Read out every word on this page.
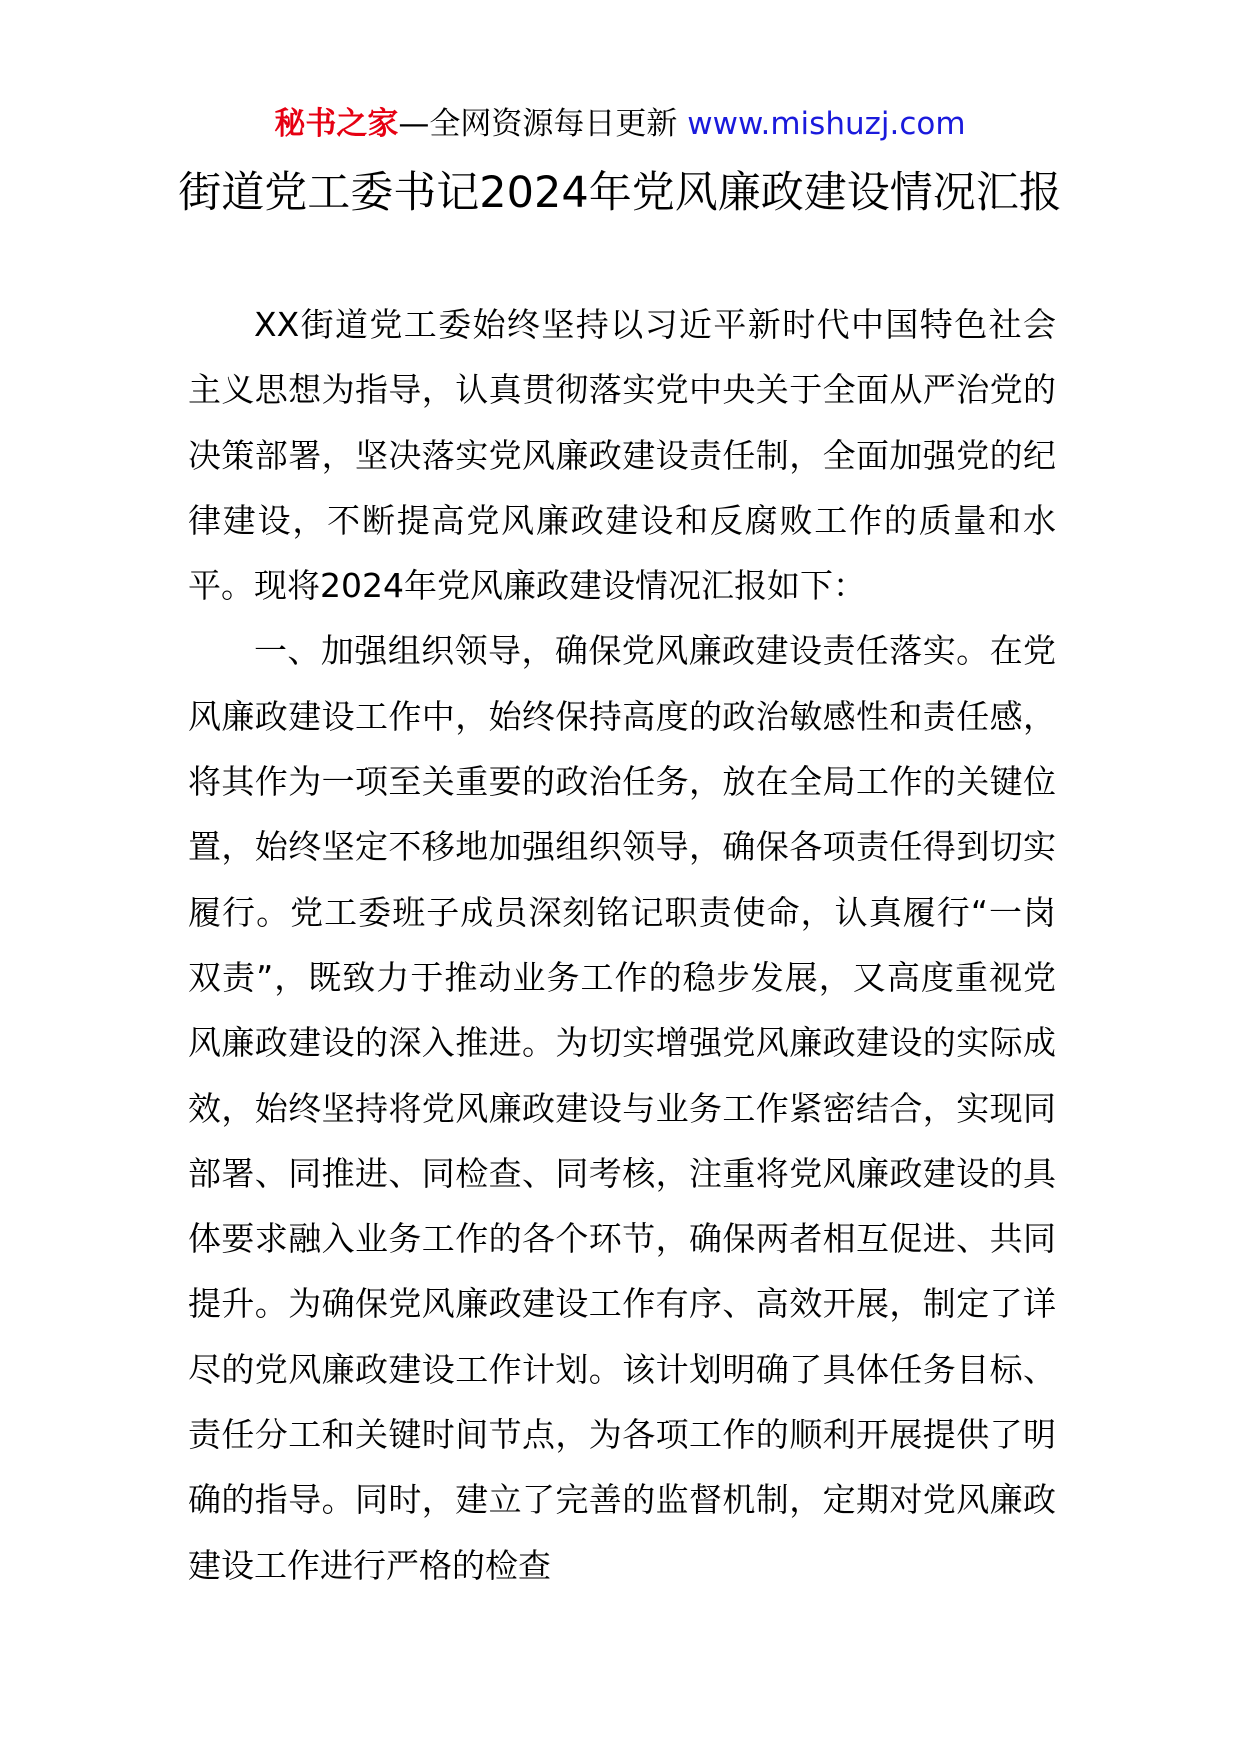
秘书之家—全网资源每日更新 www.mishuzj.com
街道党工委书记2024年党风廉政建设情况汇报

XX街道党工委始终坚持以习近平新时代中国特色社会主义思想为指导，认真贯彻落实党中央关于全面从严治党的决策部署，坚决落实党风廉政建设责任制，全面加强党的纪律建设，不断提高党风廉政建设和反腐败工作的质量和水平。现将2024年党风廉政建设情况汇报如下：

一、加强组织领导，确保党风廉政建设责任落实。在党风廉政建设工作中，始终保持高度的政治敏感性和责任感，将其作为一项至关重要的政治任务，放在全局工作的关键位置，始终坚定不移地加强组织领导，确保各项责任得到切实履行。党工委班子成员深刻铭记职责使命，认真履行“一岗双责”，既致力于推动业务工作的稳步发展，又高度重视党风廉政建设的深入推进。为切实增强党风廉政建设的实际成效，始终坚持将党风廉政建设与业务工作紧密结合，实现同部署、同推进、同检查、同考核，注重将党风廉政建设的具体要求融入业务工作的各个环节，确保两者相互促进、共同提升。为确保党风廉政建设工作有序、高效开展，制定了详尽的党风廉政建设工作计划。该计划明确了具体任务目标、责任分工和关键时间节点，为各项工作的顺利开展提供了明确的指导。同时，建立了完善的监督机制，定期对党风廉政建设工作进行严格的检查
